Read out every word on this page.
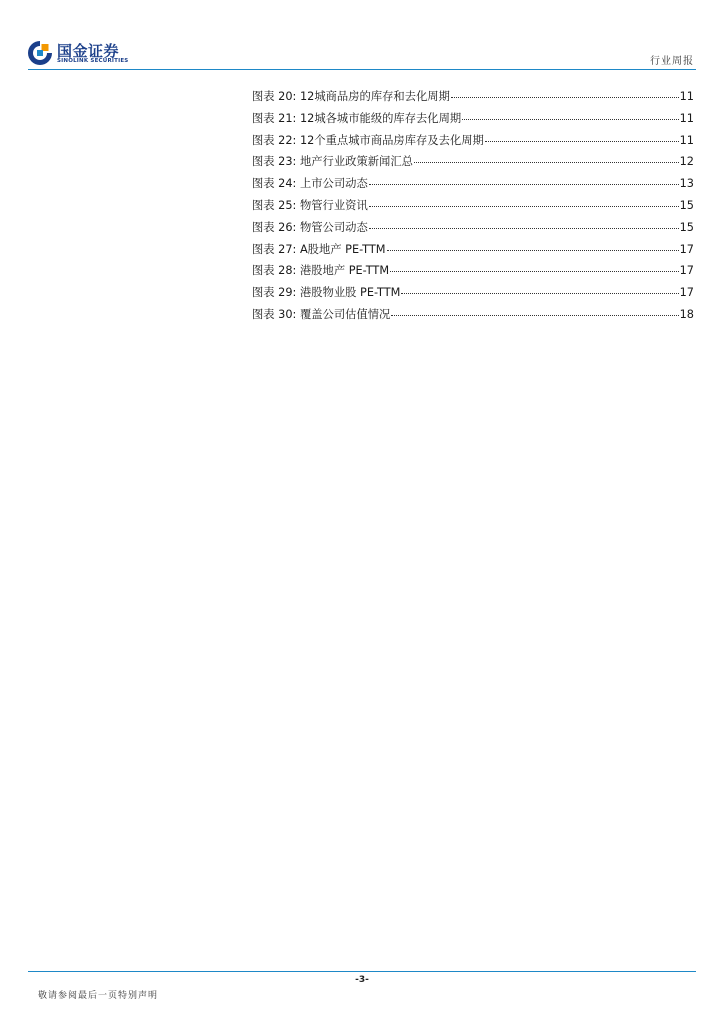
国金证券
SINOLINK SECURITIES	行业周报
图表 20: 12城商品房的库存和去化周期	11
图表 21: 12城各城市能级的库存去化周期	11
图表 22: 12个重点城市商品房库存及去化周期	11
图表 23: 地产行业政策新闻汇总	12
图表 24: 上市公司动态	13
图表 25: 物管行业资讯	15
图表 26: 物管公司动态	15
图表 27: A股地产 PE-TTM	17
图表 28: 港股地产 PE-TTM	17
图表 29: 港股物业股 PE-TTM	17
图表 30: 覆盖公司估值情况	18
-3-
敬请参阅最后一页特别声明
